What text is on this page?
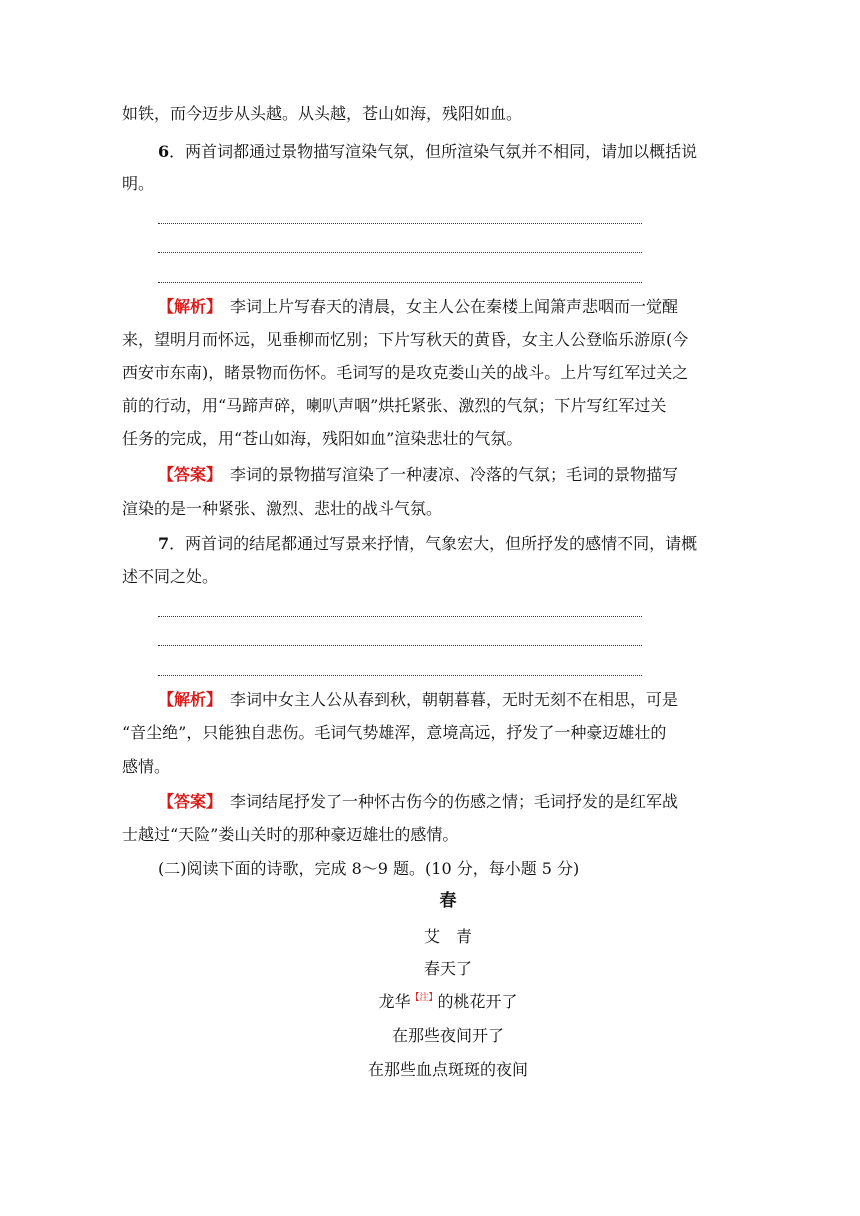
如铁，而今迈步从头越。从头越，苍山如海，残阳如血。
6．两首词都通过景物描写渲染气氛，但所渲染气氛并不相同，请加以概括说
明。
【解析】　 李词上片写春天的清晨，女主人公在秦楼上闻箫声悲咽而一觉醒
来，望明月而怀远，见垂柳而忆别；下片写秋天的黄昏，女主人公登临乐游原(今
西安市东南)，睹景物而伤怀。毛词写的是攻克娄山关的战斗。上片写红军过关之
前的行动，用“马蹄声碎，喇叭声咽”烘托紧张、激烈的气氛；下片写红军过关
任务的完成，用“苍山如海，残阳如血”渲染悲壮的气氛。
【答案】　 李词的景物描写渲染了一种凄凉、冷落的气氛；毛词的景物描写
渲染的是一种紧张、激烈、悲壮的战斗气氛。
7．两首词的结尾都通过写景来抒情，气象宏大，但所抒发的感情不同，请概
述不同之处。
【解析】　 李词中女主人公从春到秋，朝朝暮暮，无时无刻不在相思，可是
“音尘绝”，只能独自悲伤。毛词气势雄浑，意境高远，抒发了一种豪迈雄壮的
感情。
【答案】　 李词结尾抒发了一种怀古伤今的伤感之情；毛词抒发的是红军战
士越过“天险”娄山关时的那种豪迈雄壮的感情。
(二)阅读下面的诗歌，完成 8～9 题。(10 分，每小题 5 分)
春
艾　青
春天了
龙华$^{【注】}$的桃花开了
在那些夜间开了
在那些血点斑斑的夜间
